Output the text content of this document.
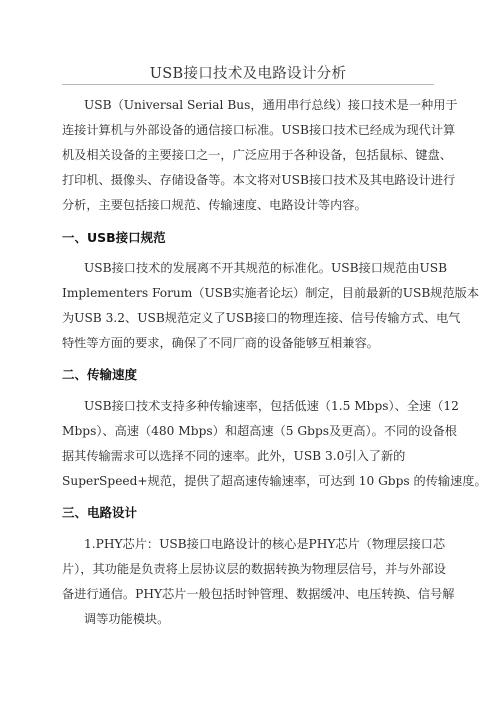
USB接口技术及电路设计分析
USB（Universal Serial Bus，通用串行总线）接口技术是一种用于
连接计算机与外部设备的通信接口标准。USB接口技术已经成为现代计算
机及相关设备的主要接口之一，广泛应用于各种设备，包括鼠标、键盘、
打印机、摄像头、存储设备等。本文将对USB接口技术及其电路设计进行
分析，主要包括接口规范、传输速度、电路设计等内容。
一、USB接口规范
USB接口技术的发展离不开其规范的标准化。USB接口规范由USB
Implementers Forum（USB实施者论坛）制定，目前最新的USB规范版本
为USB 3.2、USB规范定义了USB接口的物理连接、信号传输方式、电气
特性等方面的要求，确保了不同厂商的设备能够互相兼容。
二、传输速度
USB接口技术支持多种传输速率，包括低速（1.5 Mbps）、全速（12
Mbps）、高速（480 Mbps）和超高速（5 Gbps及更高）。不同的设备根
据其传输需求可以选择不同的速率。此外，USB 3.0引入了新的
SuperSpeed+规范，提供了超高速传输速率，可达到 10 Gbps 的传输速度。
三、电路设计
1.PHY芯片：USB接口电路设计的核心是PHY芯片（物理层接口芯
片），其功能是负责将上层协议层的数据转换为物理层信号，并与外部设
备进行通信。PHY芯片一般包括时钟管理、数据缓冲、电压转换、信号解
调等功能模块。
